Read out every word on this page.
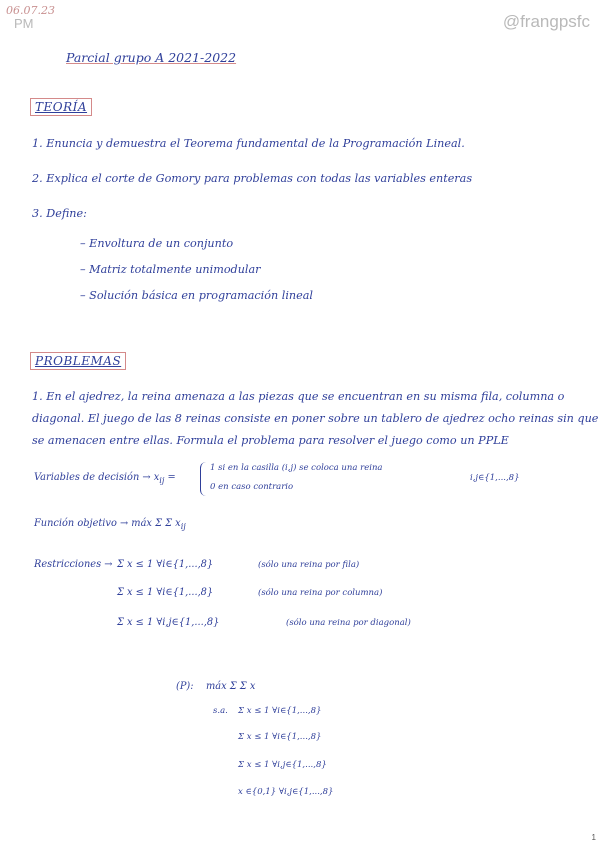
06.07.23
PM	@frangpsfc
Parcial grupo A 2021-2022
TEORÍA
1. Enuncia y demuestra el Teorema fundamental de la Programación Lineal.
2. Explica el corte de Gomory para problemas con todas las variables enteras
3. Define:
– Envoltura de un conjunto
– Matriz totalmente unimodular
– Solución básica en programación lineal
PROBLEMAS
1. En el ajedrez, la reina amenaza a las piezas que se encuentran en su misma fila, columna o
diagonal. El juego de las 8 reinas consiste en poner sobre un tablero de ajedrez ocho reinas sin que
se amenacen entre ellas. Formula el problema para resolver el juego como un PPLE
Variables de decisión → $x_{ij}$ =
1 si en la casilla (i,j) se coloca una reina
0 en caso contrario
i,j∈{1,...,8}
Función objetivo → máx Σ Σ $x_{ij}$
Restricciones → Σ x ≤ 1 ∀i∈{1,...,8}	(sólo una reina por fila)
Σ x ≤ 1 ∀i∈{1,...,8}	(sólo una reina por columna)
Σ x ≤ 1 ∀i,j∈{1,...,8}	(sólo una reina por diagonal)
(P): máx Σ Σ x
s.a. Σ x ≤ 1 ∀i∈{1,...,8}
Σ x ≤ 1 ∀i∈{1,...,8}
Σ x ≤ 1 ∀i,j∈{1,...,8}
x ∈{0,1} ∀i,j∈{1,...,8}
1
